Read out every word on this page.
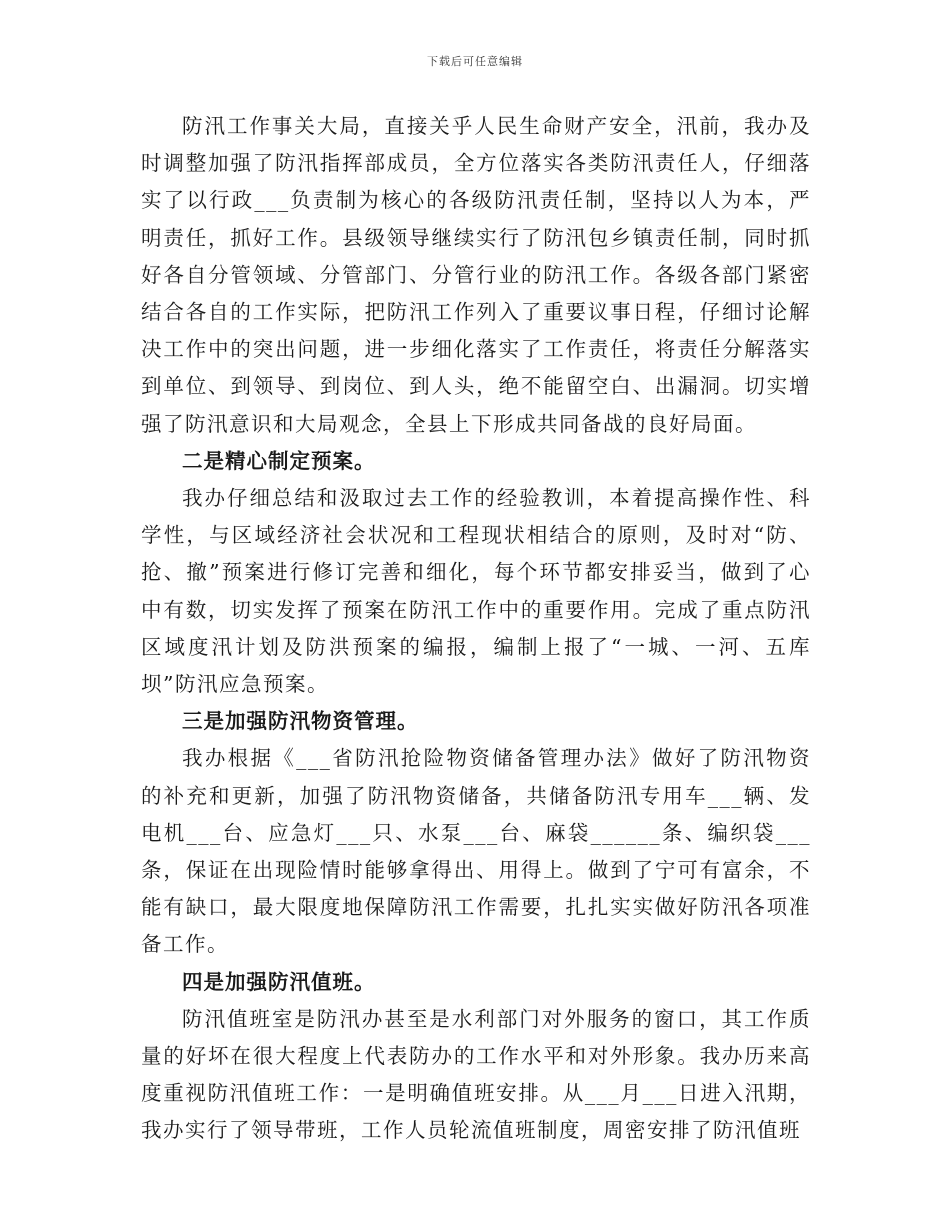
下载后可任意编辑

防汛工作事关大局，直接关乎人民生命财产安全，汛前，我办及时调整加强了防汛指挥部成员，全方位落实各类防汛责任人，仔细落实了以行政___负责制为核心的各级防汛责任制，坚持以人为本，严明责任，抓好工作。县级领导继续实行了防汛包乡镇责任制，同时抓好各自分管领域、分管部门、分管行业的防汛工作。各级各部门紧密结合各自的工作实际，把防汛工作列入了重要议事日程，仔细讨论解决工作中的突出问题，进一步细化落实了工作责任，将责任分解落实到单位、到领导、到岗位、到人头，绝不能留空白、出漏洞。切实增强了防汛意识和大局观念，全县上下形成共同备战的良好局面。

二是精心制定预案。

我办仔细总结和汲取过去工作的经验教训，本着提高操作性、科学性，与区域经济社会状况和工程现状相结合的原则，及时对“防、抢、撤”预案进行修订完善和细化，每个环节都安排妥当，做到了心中有数，切实发挥了预案在防汛工作中的重要作用。完成了重点防汛区域度汛计划及防洪预案的编报，编制上报了“一城、一河、五库坝”防汛应急预案。

三是加强防汛物资管理。

我办根据《___省防汛抢险物资储备管理办法》做好了防汛物资的补充和更新，加强了防汛物资储备，共储备防汛专用车___辆、发电机___台、应急灯___只、水泵___台、麻袋______条、编织袋___条，保证在出现险情时能够拿得出、用得上。做到了宁可有富余，不能有缺口，最大限度地保障防汛工作需要，扎扎实实做好防汛各项准备工作。

四是加强防汛值班。

防汛值班室是防汛办甚至是水利部门对外服务的窗口，其工作质量的好坏在很大程度上代表防办的工作水平和对外形象。我办历来高度重视防汛值班工作：一是明确值班安排。从___月___日进入汛期，我办实行了领导带班，工作人员轮流值班制度，周密安排了防汛值班
